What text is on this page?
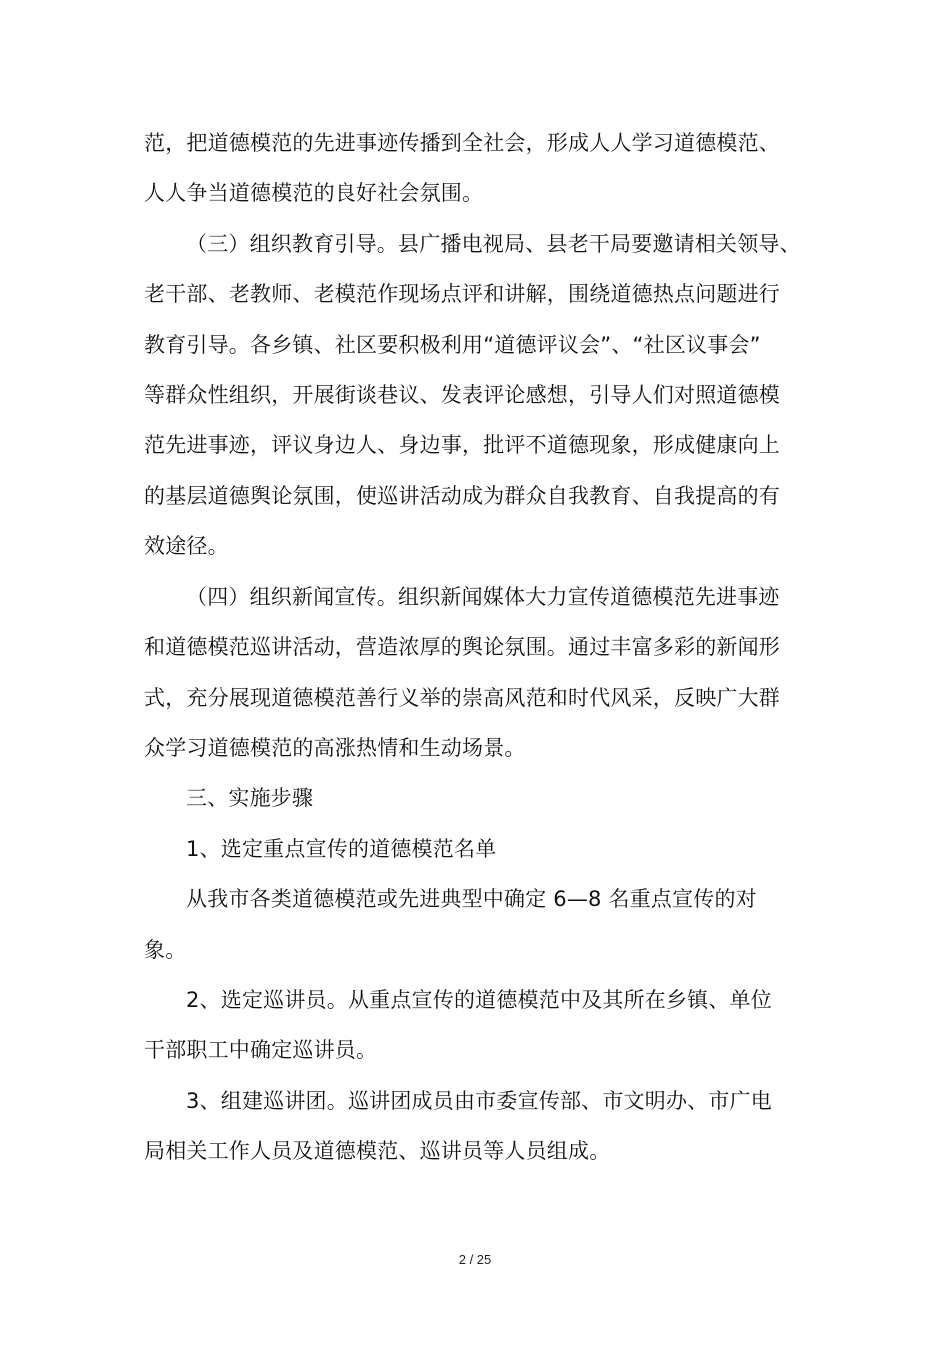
范，把道德模范的先进事迹传播到全社会，形成人人学习道德模范、
人人争当道德模范的良好社会氛围。
（三）组织教育引导。县广播电视局、县老干局要邀请相关领导、
老干部、老教师、老模范作现场点评和讲解，围绕道德热点问题进行
教育引导。各乡镇、社区要积极利用“道德评议会”、“社区议事会”
等群众性组织，开展街谈巷议、发表评论感想，引导人们对照道德模
范先进事迹，评议身边人、身边事，批评不道德现象，形成健康向上
的基层道德舆论氛围，使巡讲活动成为群众自我教育、自我提高的有
效途径。
（四）组织新闻宣传。组织新闻媒体大力宣传道德模范先进事迹
和道德模范巡讲活动，营造浓厚的舆论氛围。通过丰富多彩的新闻形
式，充分展现道德模范善行义举的崇高风范和时代风采，反映广大群
众学习道德模范的高涨热情和生动场景。
三、实施步骤
1、选定重点宣传的道德模范名单
从我市各类道德模范或先进典型中确定 6—8 名重点宣传的对
象。
2、选定巡讲员。从重点宣传的道德模范中及其所在乡镇、单位
干部职工中确定巡讲员。
3、组建巡讲团。巡讲团成员由市委宣传部、市文明办、市广电
局相关工作人员及道德模范、巡讲员等人员组成。
2 / 25
